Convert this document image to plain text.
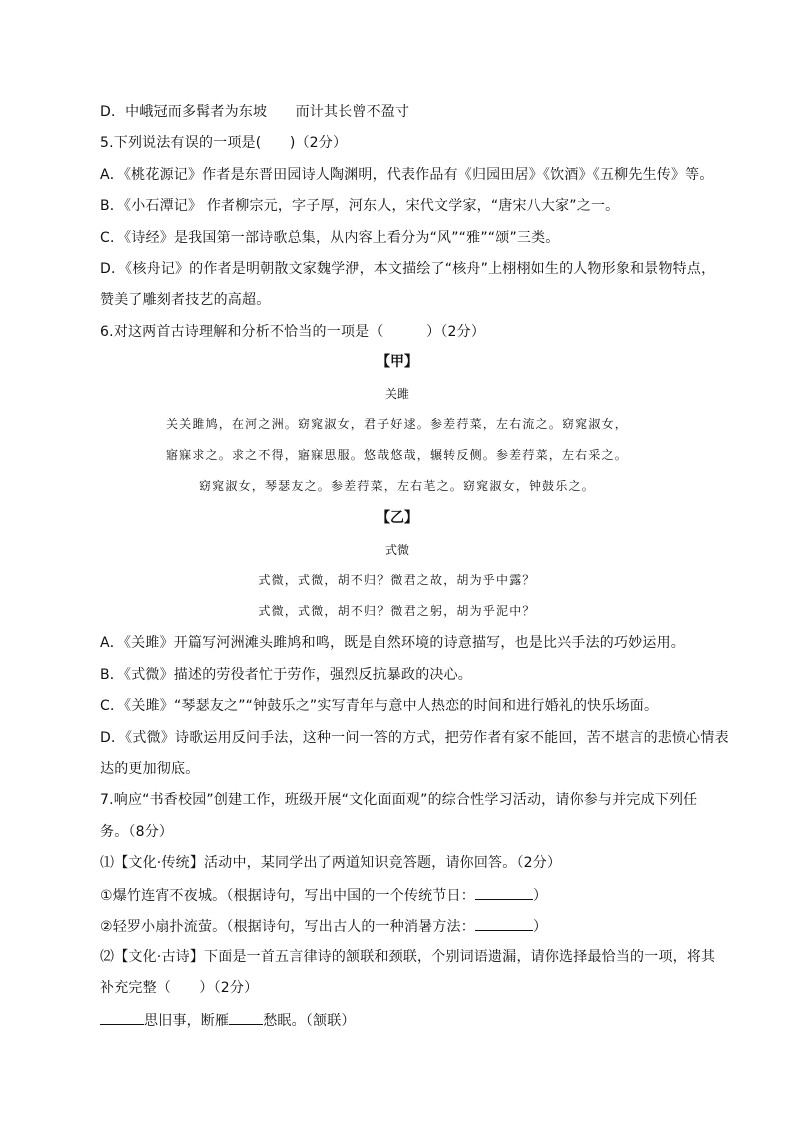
D．中峨冠而多髯者为东坡　　而计其长曾不盈寸
5.下列说法有误的一项是(　　)（2分）
A．《桃花源记》作者是东晋田园诗人陶渊明，代表作品有《归园田居》《饮酒》《五柳先生传》等。
B．《小石潭记》 作者柳宗元，字子厚，河东人，宋代文学家，“唐宋八大家”之一。
C．《诗经》是我国第一部诗歌总集，从内容上看分为“风”“雅”“颂”三类。
D．《核舟记》的作者是明朝散文家魏学洢，本文描绘了“核舟”上栩栩如生的人物形象和景物特点，
赞美了雕刻者技艺的高超。
6.对这两首古诗理解和分析不恰当的一项是（　　　）（2分）
【甲】
关雎
关关雎鸠，在河之洲。窈窕淑女，君子好逑。参差荇菜，左右流之。窈窕淑女，
寤寐求之。求之不得，寤寐思服。悠哉悠哉，辗转反侧。参差荇菜，左右采之。
窈窕淑女，琴瑟友之。参差荇菜，左右芼之。窈窕淑女，钟鼓乐之。
【乙】
式微
式微，式微，胡不归？微君之故，胡为乎中露？
式微，式微，胡不归？微君之躬，胡为乎泥中？
A．《关雎》开篇写河洲滩头雎鸠和鸣，既是自然环境的诗意描写，也是比兴手法的巧妙运用。
B．《式微》描述的劳役者忙于劳作，强烈反抗暴政的决心。
C．《关雎》“琴瑟友之”“钟鼓乐之”实写青年与意中人热恋的时间和进行婚礼的快乐场面。
D．《式微》诗歌运用反问手法，这种一问一答的方式，把劳作者有家不能回，苦不堪言的悲愤心情表
达的更加彻底。
7.响应“书香校园”创建工作，班级开展“文化面面观”的综合性学习活动，请你参与并完成下列任
务。（8分）
⑴【文化·传统】活动中，某同学出了两道知识竞答题，请你回答。（2分）
①爆竹连宵不夜城。（根据诗句，写出中国的一个传统节日：	）
②轻罗小扇扑流萤。（根据诗句，写出古人的一种消暑方法：	）
⑵【文化·古诗】下面是一首五言律诗的颔联和颈联，个别词语遗漏，请你选择最恰当的一项，将其
补充完整（　　）（2分）
思旧事，断雁 愁眠。（颔联）
